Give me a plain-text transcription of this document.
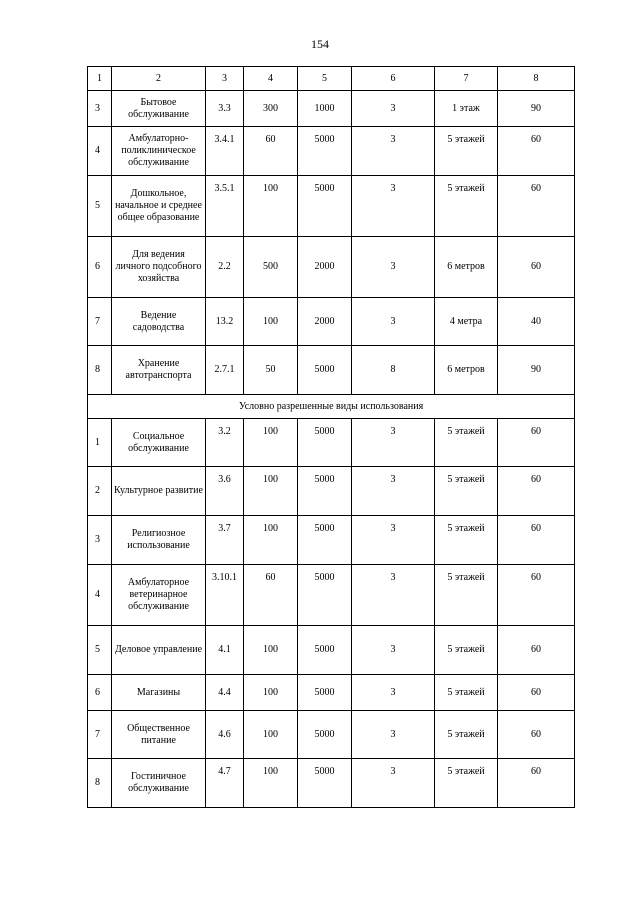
154
1	2	3	4	5	6	7	8
3	Бытовое обслуживание	3.3	300	1000	3	1 этаж	90
4	Амбулаторно-поликлиническое обслуживание	3.4.1	60	5000	3	5 этажей	60
5	Дошкольное, начальное и среднее общее образование	3.5.1	100	5000	3	5 этажей	60
6	Для ведения личного подсобного хозяйства	2.2	500	2000	3	6 метров	60
7	Ведение садоводства	13.2	100	2000	3	4 метра	40
8	Хранение автотранспорта	2.7.1	50	5000	8	6 метров	90
Условно разрешенные виды использования							
1	Социальное обслуживание	3.2	100	5000	3	5 этажей	60
2	Культурное развитие	3.6	100	5000	3	5 этажей	60
3	Религиозное использование	3.7	100	5000	3	5 этажей	60
4	Амбулаторное ветеринарное обслуживание	3.10.1	60	5000	3	5 этажей	60
5	Деловое управление	4.1	100	5000	3	5 этажей	60
6	Магазины	4.4	100	5000	3	5 этажей	60
7	Общественное питание	4.6	100	5000	3	5 этажей	60
8	Гостиничное обслуживание	4.7	100	5000	3	5 этажей	60
